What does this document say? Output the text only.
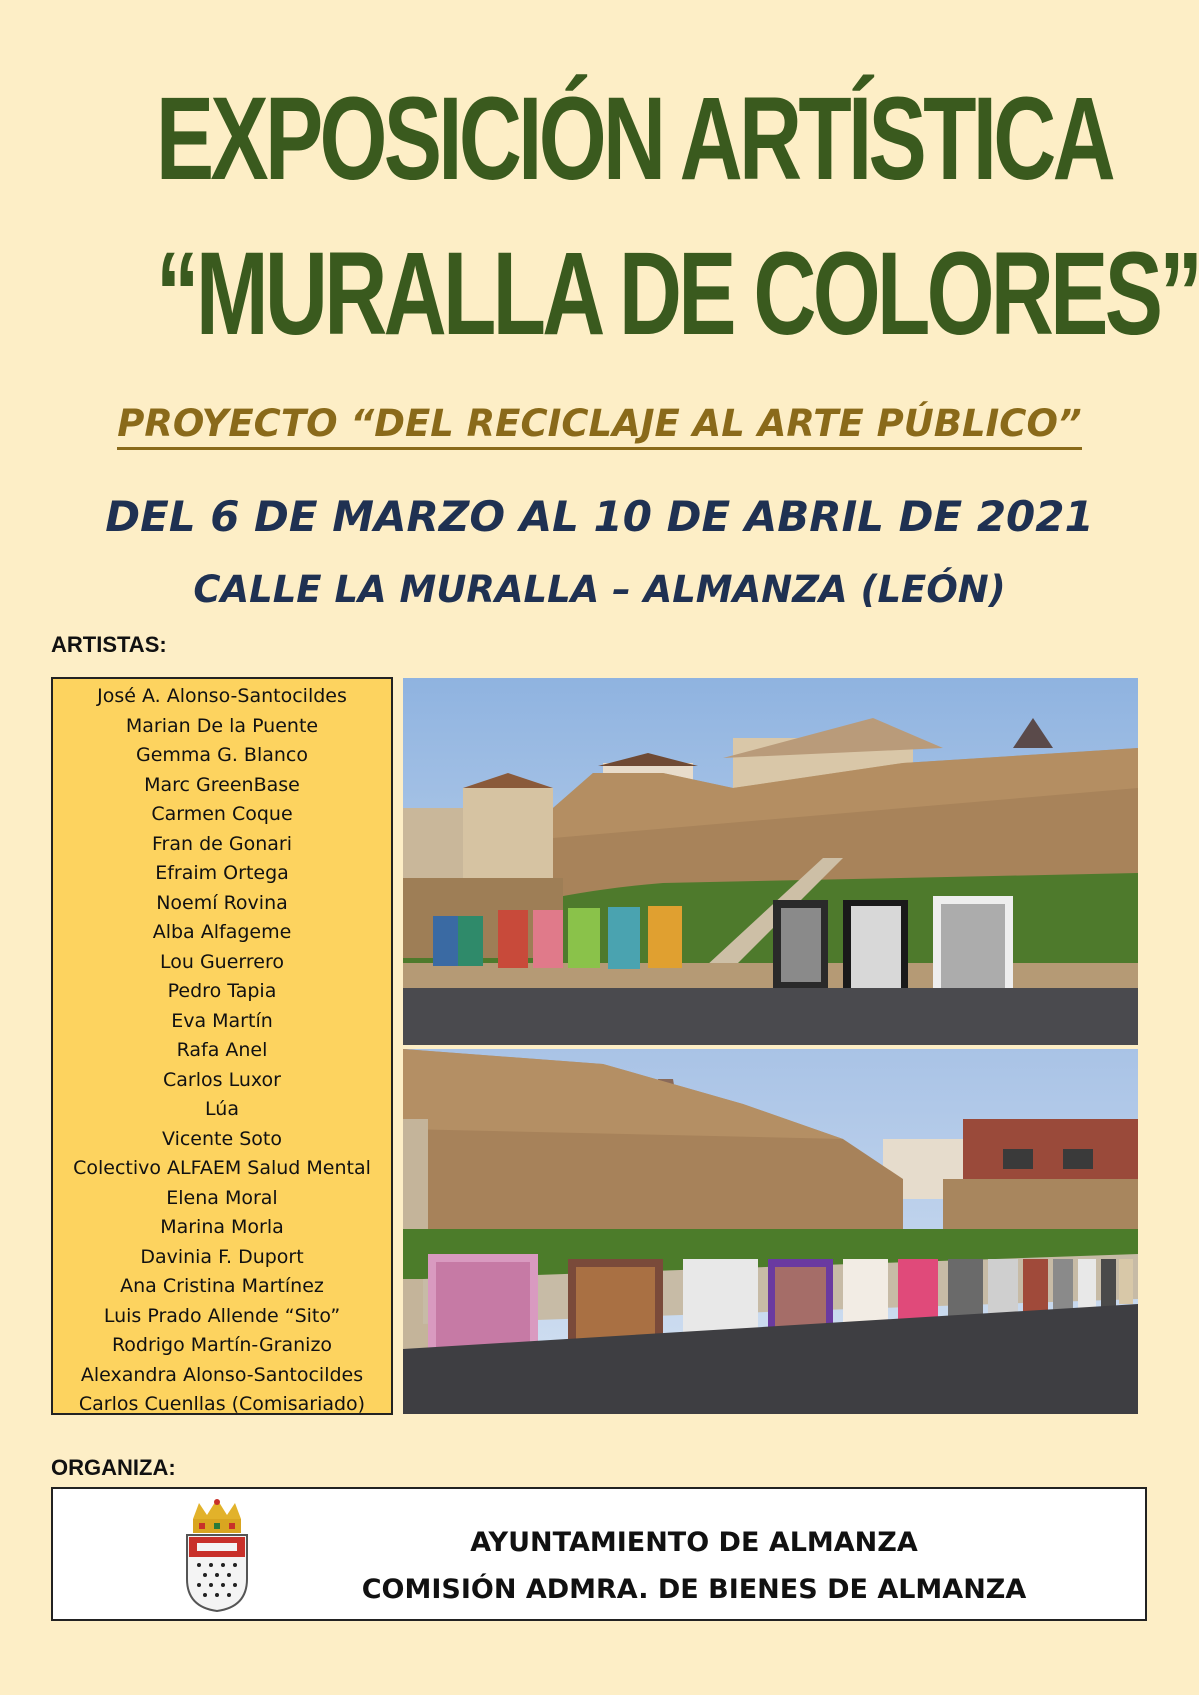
EXPOSICIÓN ARTÍSTICA
“MURALLA DE COLORES”
PROYECTO “DEL RECICLAJE AL ARTE PÚBLICO”
DEL 6 DE MARZO AL 10 DE ABRIL DE 2021
CALLE LA MURALLA – ALMANZA (LEÓN)
ARTISTAS:
José A. Alonso-Santocildes
Marian De la Puente
Gemma G. Blanco
Marc GreenBase
Carmen Coque
Fran de Gonari
Efraim Ortega
Noemí Rovina
Alba Alfageme
Lou Guerrero
Pedro Tapia
Eva Martín
Rafa Anel
Carlos Luxor
Lúa
Vicente Soto
Colectivo ALFAEM Salud Mental
Elena Moral
Marina Morla
Davinia F. Duport
Ana Cristina Martínez
Luis Prado Allende “Sito”
Rodrigo Martín-Granizo
Alexandra Alonso-Santocildes
Carlos Cuenllas (Comisariado)
ORGANIZA:
AYUNTAMIENTO DE ALMANZA
COMISIÓN ADMRA. DE BIENES DE ALMANZA
